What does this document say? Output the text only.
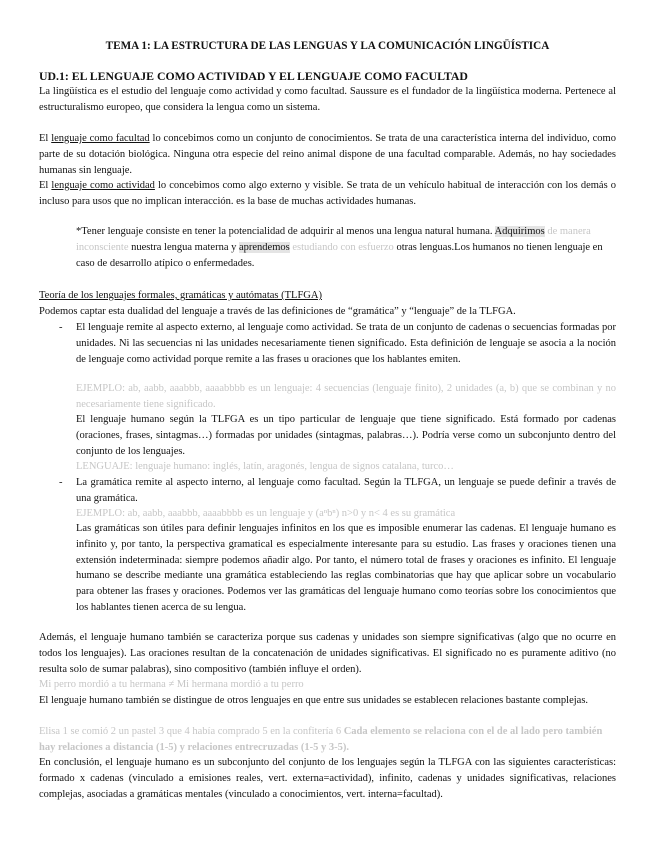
TEMA 1: LA ESTRUCTURA DE LAS LENGUAS Y LA COMUNICACIÓN LINGÜÍSTICA
UD.1: EL LENGUAJE COMO ACTIVIDAD Y EL LENGUAJE COMO FACULTAD

La lingüística es el estudio del lenguaje como actividad y como facultad. Saussure es el fundador de la lingüística moderna. Pertenece al estructuralismo europeo, que considera la lengua como un sistema.

El lenguaje como facultad lo concebimos como un conjunto de conocimientos. Se trata de una característica interna del individuo, como parte de su dotación biológica. Ninguna otra especie del reino animal dispone de una facultad comparable. Además, no hay sociedades humanas sin lenguaje.

El lenguaje como actividad lo concebimos como algo externo y visible. Se trata de un vehículo habitual de interacción con los demás o incluso para usos que no implican interacción. es la base de muchas actividades humanas.

*Tener lenguaje consiste en tener la potencialidad de adquirir al menos una lengua natural humana. Adquirimos de manera inconsciente nuestra lengua materna y aprendemos estudiando con esfuerzo otras lenguas.Los humanos no tienen lenguaje en caso de desarrollo atípico o enfermedades.

Teoría de los lenguajes formales, gramáticas y autómatas (TLFGA)

Podemos captar esta dualidad del lenguaje a través de las definiciones de “gramática” y “lenguaje” de la TLFGA.

- El lenguaje remite al aspecto externo, al lenguaje como actividad. Se trata de un conjunto de cadenas o secuencias formadas por unidades. Ni las secuencias ni las unidades necesariamente tienen significado. Esta definición de lenguaje se asocia a la noción de lenguaje como actividad porque remite a las frases u oraciones que los hablantes emiten.

EJEMPLO: ab, aabb, aaabbb, aaaabbbb es un lenguaje: 4 secuencias (lenguaje finito), 2 unidades (a, b) que se combinan y no necesariamente tiene significado.

El lenguaje humano según la TLFGA es un tipo particular de lenguaje que tiene significado. Está formado por cadenas (oraciones, frases, sintagmas…) formadas por unidades (sintagmas, palabras…). Podría verse como un subconjunto dentro del conjunto de los lenguajes.

LENGUAJE: lenguaje humano: inglés, latín, aragonés, lengua de signos catalana, turco…

- La gramática remite al aspecto interno, al lenguaje como facultad. Según la TLFGA, un lenguaje se puede definir a través de una gramática.

EJEMPLO: ab, aabb, aaabbb, aaaabbbb es un lenguaje y (aⁿbⁿ) n>0 y n< 4 es su gramática

Las gramáticas son útiles para definir lenguajes infinitos en los que es imposible enumerar las cadenas. El lenguaje humano es infinito y, por tanto, la perspectiva gramatical es especialmente interesante para su estudio. Las frases y oraciones tienen una extensión indeterminada: siempre podemos añadir algo. Por tanto, el número total de frases y oraciones es infinito. El lenguaje humano se describe mediante una gramática estableciendo las reglas combinatorias que hay que aplicar sobre un vocabulario para obtener las frases y oraciones. Podemos ver las gramáticas del lenguaje humano como teorías sobre los conocimientos que los hablantes tienen acerca de su lengua.

Además, el lenguaje humano también se caracteriza porque sus cadenas y unidades son siempre significativas (algo que no ocurre en todos los lenguajes). Las oraciones resultan de la concatenación de unidades significativas. El significado no es puramente aditivo (no resulta solo de sumar palabras), sino compositivo (también influye el orden).

Mi perro mordió a tu hermana ≠ Mi hermana mordió a tu perro

El lenguaje humano también se distingue de otros lenguajes en que entre sus unidades se establecen relaciones bastante complejas.

Elisa 1 se comió 2 un pastel 3 que 4 había comprado 5 en la confitería 6 Cada elemento se relaciona con el de al lado pero también hay relaciones a distancia (1-5) y relaciones entrecruzadas (1-5 y 3-5).

En conclusión, el lenguaje humano es un subconjunto del conjunto de los lenguajes según la TLFGA con las siguientes características: formado x cadenas (vinculado a emisiones reales, vert. externa=actividad), infinito, cadenas y unidades significativas, relaciones complejas, asociadas a gramáticas mentales (vinculado a conocimientos, vert. interna=facultad).
